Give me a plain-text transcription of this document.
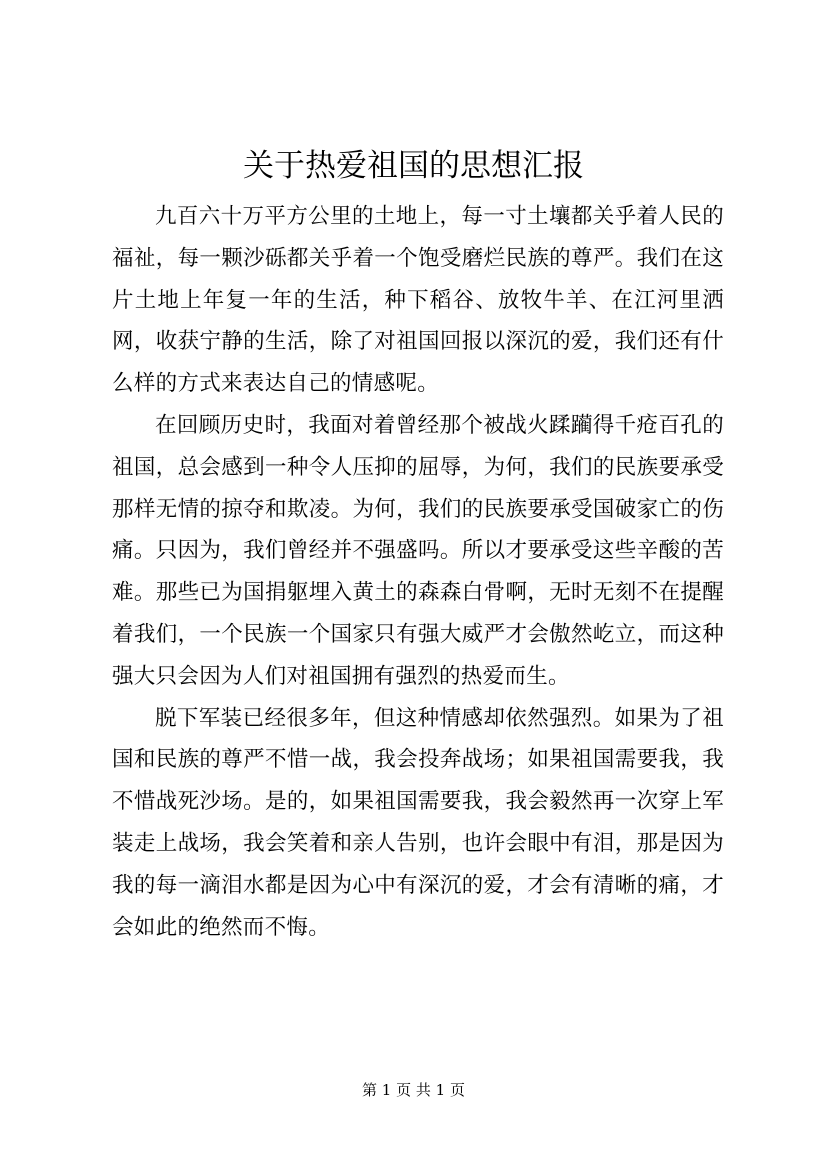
关于热爱祖国的思想汇报

九百六十万平方公里的土地上，每一寸土壤都关乎着人民的福祉，每一颗沙砾都关乎着一个饱受磨烂民族的尊严。我们在这片土地上年复一年的生活，种下稻谷、放牧牛羊、在江河里洒网，收获宁静的生活，除了对祖国回报以深沉的爱，我们还有什么样的方式来表达自己的情感呢。

在回顾历史时，我面对着曾经那个被战火蹂躏得千疮百孔的祖国，总会感到一种令人压抑的屈辱，为何，我们的民族要承受那样无情的掠夺和欺凌。为何，我们的民族要承受国破家亡的伤痛。只因为，我们曾经并不强盛吗。所以才要承受这些辛酸的苦难。那些已为国捐躯埋入黄土的森森白骨啊，无时无刻不在提醒着我们，一个民族一个国家只有强大威严才会傲然屹立，而这种强大只会因为人们对祖国拥有强烈的热爱而生。

脱下军装已经很多年，但这种情感却依然强烈。如果为了祖国和民族的尊严不惜一战，我会投奔战场；如果祖国需要我，我不惜战死沙场。是的，如果祖国需要我，我会毅然再一次穿上军装走上战场，我会笑着和亲人告别，也许会眼中有泪，那是因为我的每一滴泪水都是因为心中有深沉的爱，才会有清晰的痛，才会如此的绝然而不悔。

第 1 页 共 1 页
